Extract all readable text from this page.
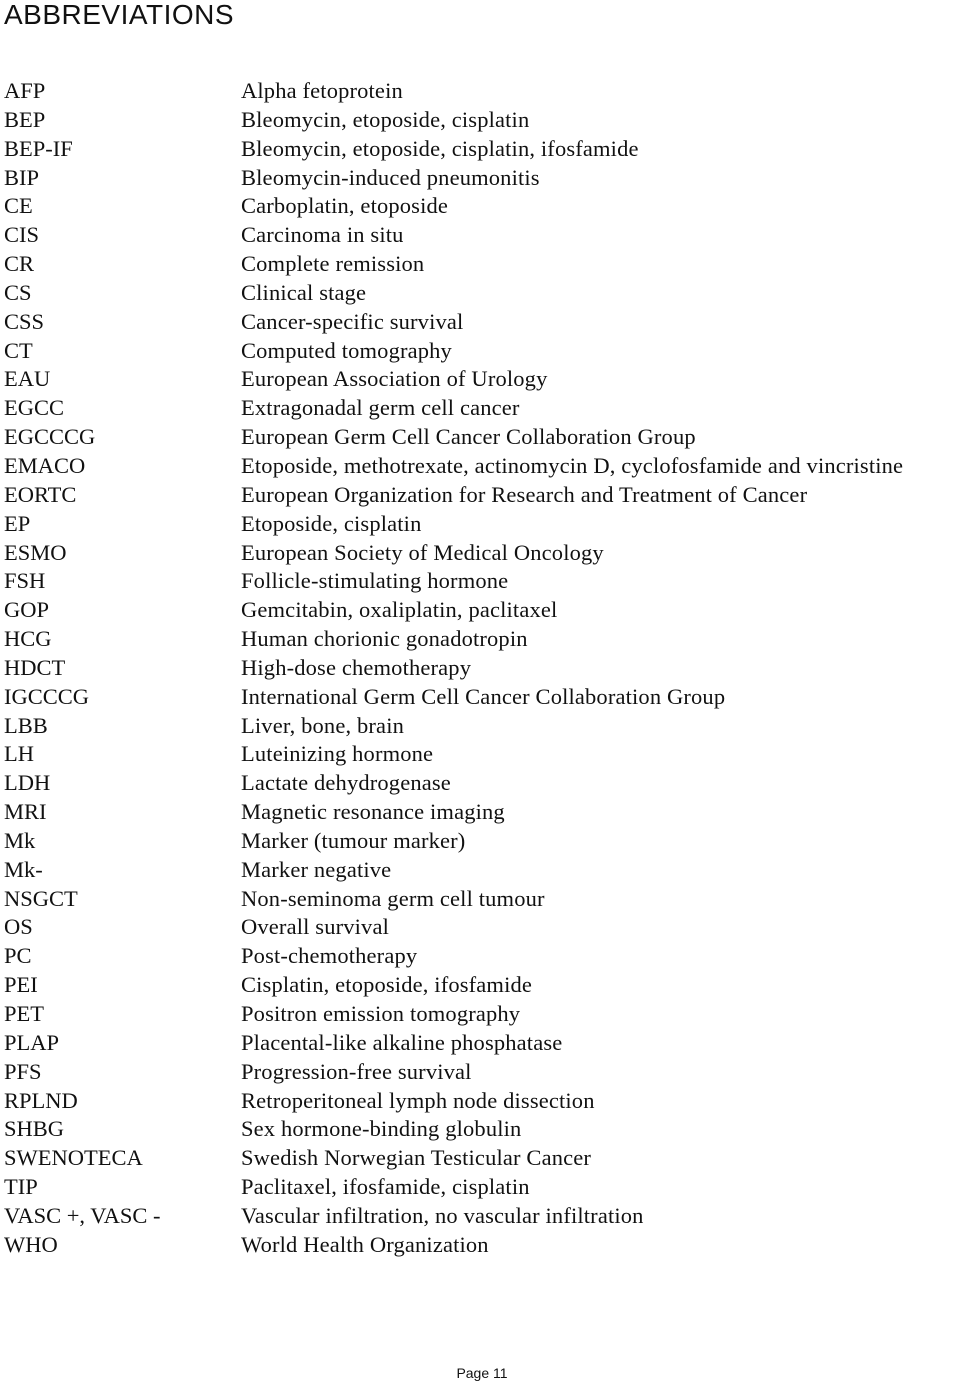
ABBREVIATIONS
AFP	Alpha fetoprotein
BEP	Bleomycin, etoposide, cisplatin
BEP-IF	Bleomycin, etoposide, cisplatin, ifosfamide
BIP	Bleomycin-induced pneumonitis
CE	Carboplatin, etoposide
CIS	Carcinoma in situ
CR	Complete remission
CS	Clinical stage
CSS	Cancer-specific survival
CT	Computed tomography
EAU	European Association of Urology
EGCC	Extragonadal germ cell cancer
EGCCCG	European Germ Cell Cancer Collaboration Group
EMACO	Etoposide, methotrexate, actinomycin D, cyclofosfamide and vincristine
EORTC	European Organization for Research and Treatment of Cancer
EP	Etoposide, cisplatin
ESMO	European Society of Medical Oncology
FSH	Follicle-stimulating hormone
GOP	Gemcitabin, oxaliplatin, paclitaxel
HCG	Human chorionic gonadotropin
HDCT	High-dose chemotherapy
IGCCCG	International Germ Cell Cancer Collaboration Group
LBB	Liver, bone, brain
LH	Luteinizing hormone
LDH	Lactate dehydrogenase
MRI	Magnetic resonance imaging
Mk	Marker (tumour marker)
Mk-	Marker negative
NSGCT	Non-seminoma germ cell tumour
OS	Overall survival
PC	Post-chemotherapy
PEI	Cisplatin, etoposide, ifosfamide
PET	Positron emission tomography
PLAP	Placental-like alkaline phosphatase
PFS	Progression-free survival
RPLND	Retroperitoneal lymph node dissection
SHBG	Sex hormone-binding globulin
SWENOTECA	Swedish Norwegian Testicular Cancer
TIP	Paclitaxel, ifosfamide, cisplatin
VASC +, VASC -	Vascular infiltration, no vascular infiltration
WHO	World Health Organization
Page 11
